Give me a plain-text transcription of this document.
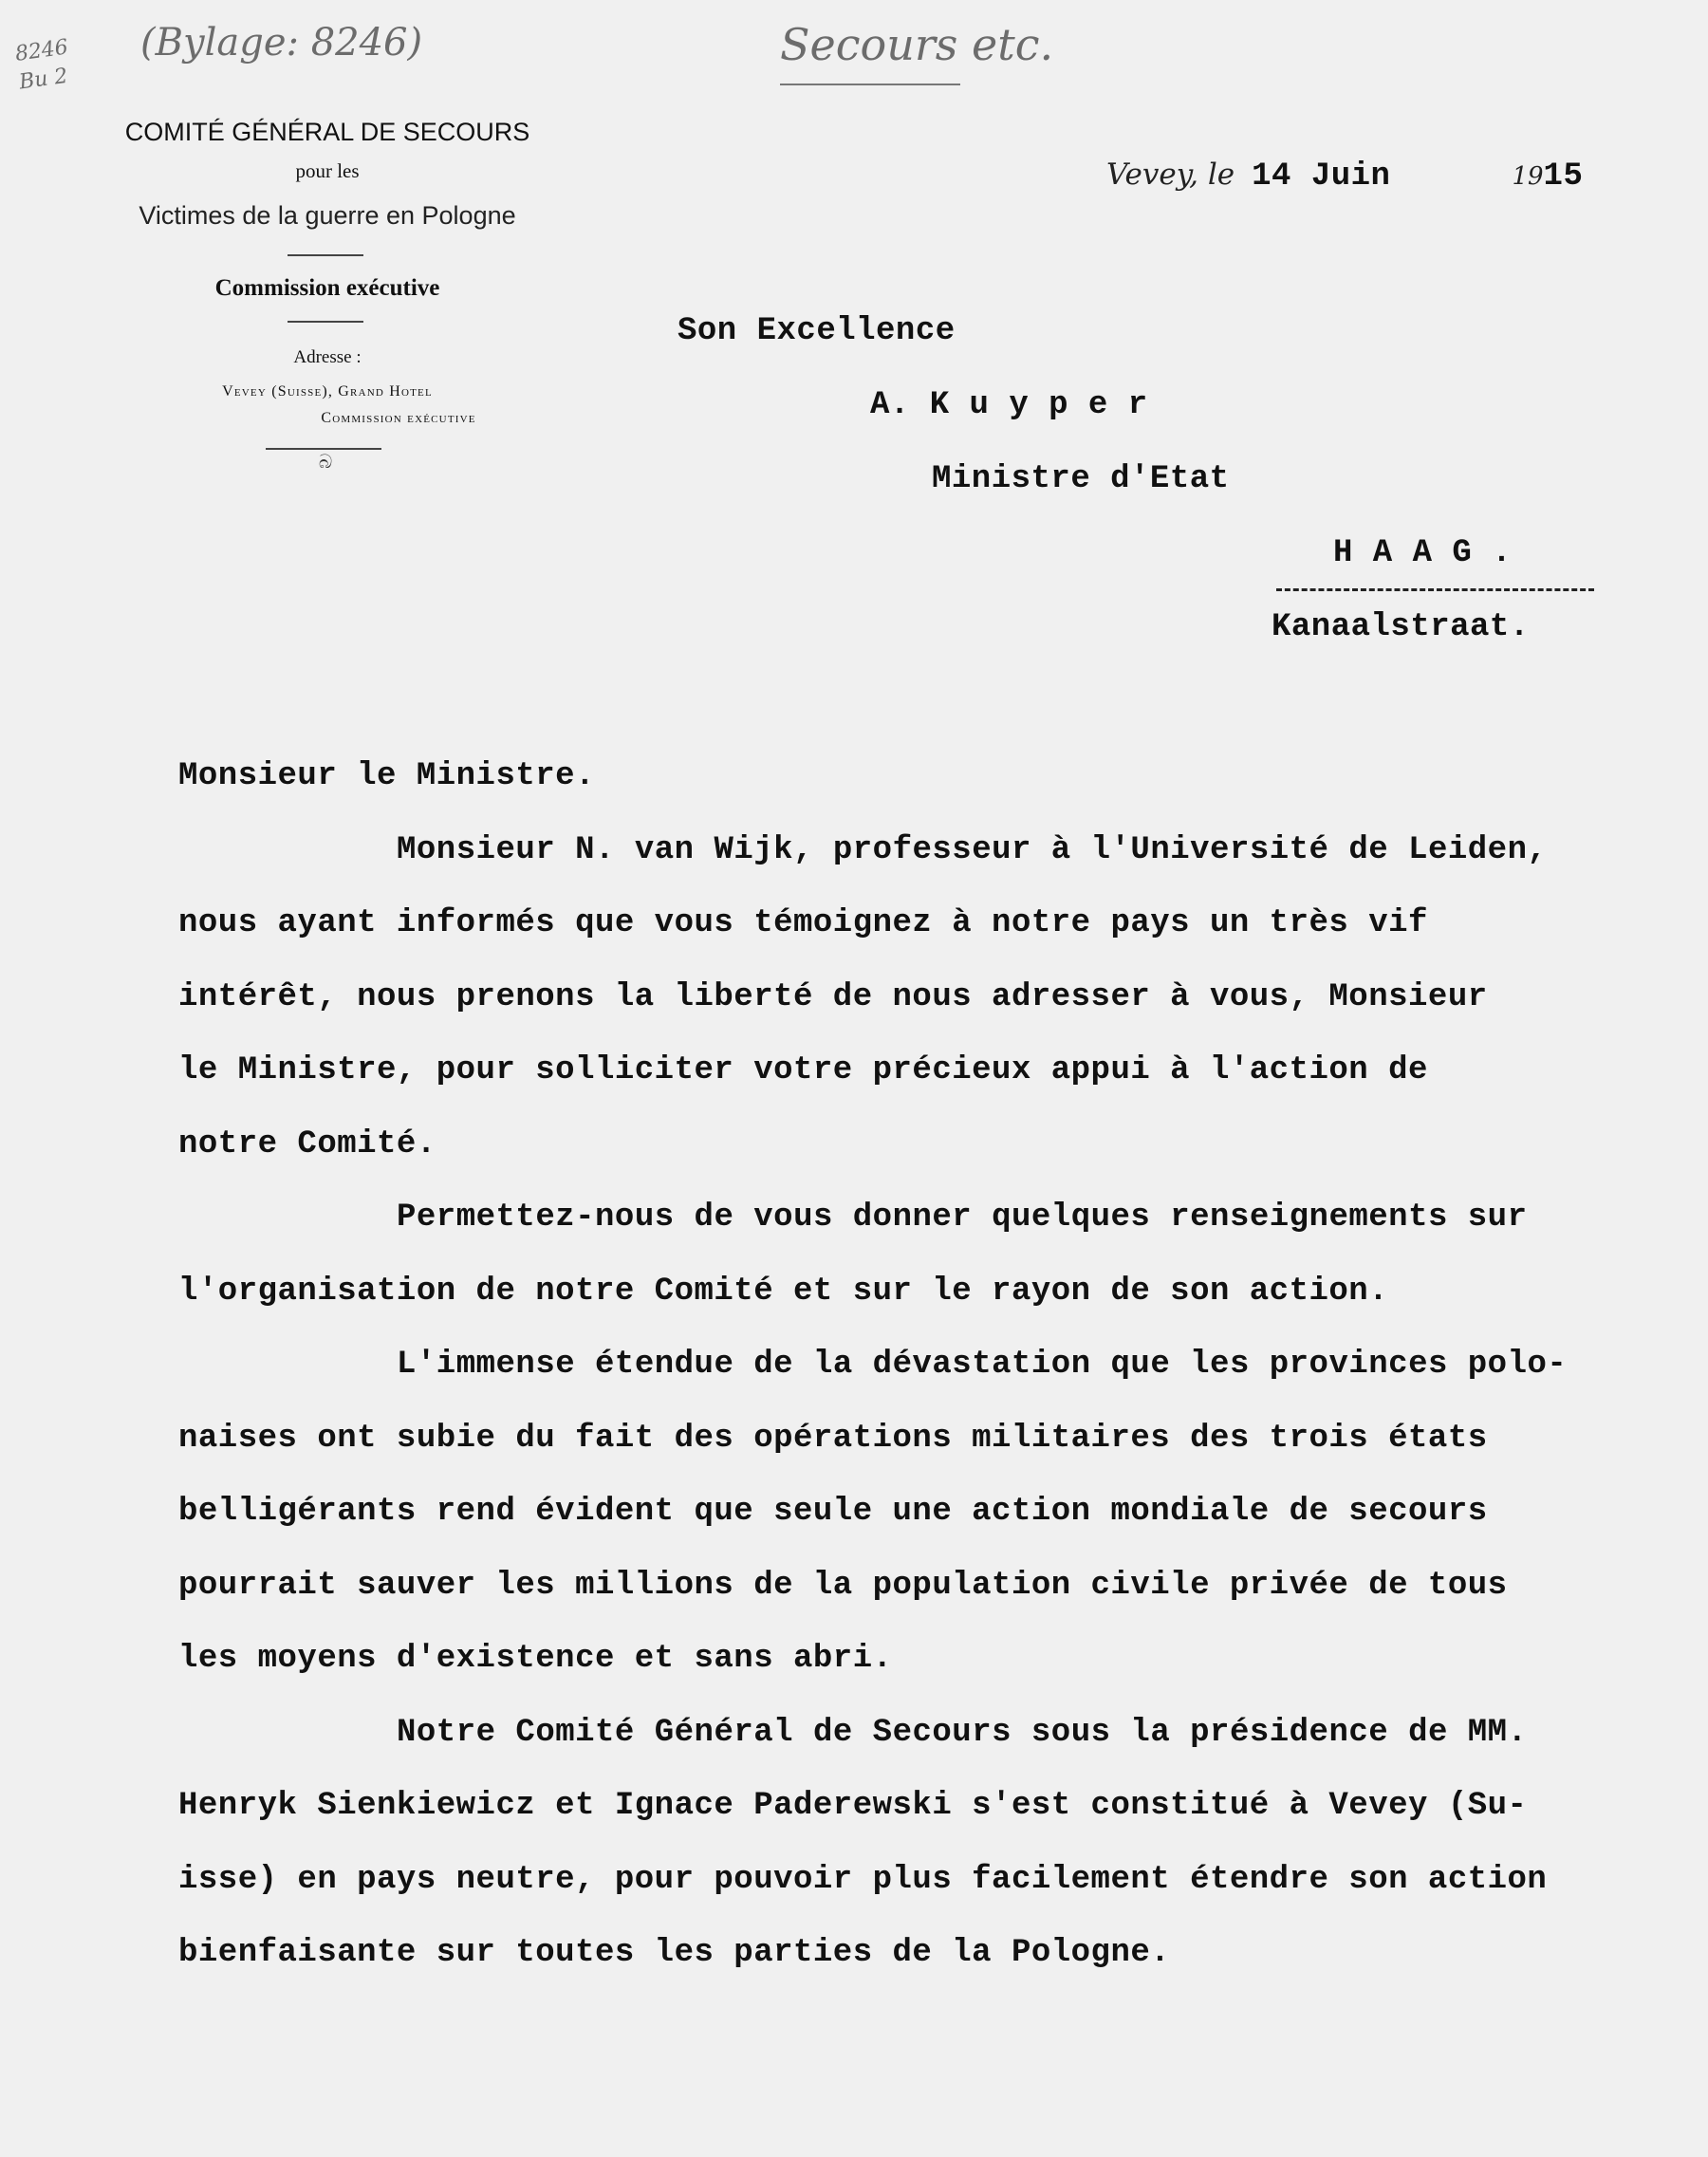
8246 Bu 2
(Bylage: 8246)	Secours etc.
COMITÉ GÉNÉRAL DE SECOURS
pour les
Victimes de la guerre en Pologne
Commission exécutive
Adresse :
Vevey (Suisse), Grand Hotel
Commission exécutive
බ
Vevey, le 14 Juin	1915
Son Excellence
A. K u y p e r
Ministre d'Etat
H A A G .
Kanaalstraat.
Monsieur le Ministre.
Monsieur N. van Wijk, professeur à l'Université de Leiden,
nous ayant informés que vous témoignez à notre pays un très vif
intérêt, nous prenons la liberté de nous adresser à vous, Monsieur
le Ministre, pour solliciter votre précieux appui à l'action de
notre Comité.
Permettez-nous de vous donner quelques renseignements sur
l'organisation de notre Comité et sur le rayon de son action.
L'immense étendue de la dévastation que les provinces polo-
naises ont subie du fait des opérations militaires des trois états
belligérants rend évident que seule une action mondiale de secours
pourrait sauver les millions de la population civile privée de tous
les moyens d'existence et sans abri.
Notre Comité Général de Secours sous la présidence de MM.
Henryk Sienkiewicz et Ignace Paderewski s'est constitué à Vevey (Su-
isse) en pays neutre, pour pouvoir plus facilement étendre son action
bienfaisante sur toutes les parties de la Pologne.
